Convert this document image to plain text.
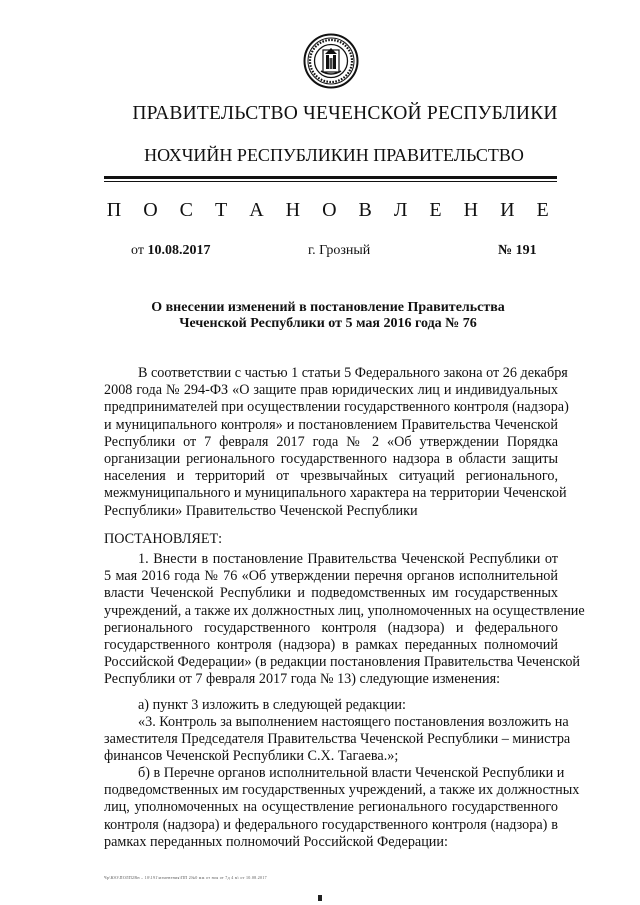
ПРАВИТЕЛЬСТВО ЧЕЧЕНСКОЙ РЕСПУБЛИКИ
НОХЧИЙН РЕСПУБЛИКИН ПРАВИТЕЛЬСТВО
П О С Т А Н О В Л Е Н И Е
от 10.08.2017	г. Грозный	№ 191
О внесении изменений в постановление Правительства
Чеченской Республики от 5 мая 2016 года № 76
В соответствии с частью 1 статьи 5 Федерального закона от 26 декабря
2008 года № 294-ФЗ «О защите прав юридических лиц и индивидуальных
предпринимателей при осуществлении государственного контроля (надзора)
и муниципального контроля» и постановлением Правительства Чеченской
Республики от 7 февраля 2017 года № 2 «Об утверждении Порядка
организации регионального государственного надзора в области защиты
населения и территорий от чрезвычайных ситуаций регионального,
межмуниципального и муниципального характера на территории Чеченской
Республики» Правительство Чеченской Республики
ПОСТАНОВЛЯЕТ:
1. Внести в постановление Правительства Чеченской Республики от
5 мая 2016 года № 76 «Об утверждении перечня органов исполнительной
власти Чеченской Республики и подведомственных им государственных
учреждений, а также их должностных лиц, уполномоченных на осуществление
регионального государственного контроля (надзора) и федерального
государственного контроля (надзора) в рамках переданных полномочий
Российской Федерации» (в редакции постановления Правительства Чеченской
Республики от 7 февраля 2017 года № 13) следующие изменения:
а) пункт 3 изложить в следующей редакции:
«3. Контроль за выполнением настоящего постановления возложить на
заместителя Председателя Правительства Чеченской Республики – министра
финансов Чеченской Республики С.Х. Тагаева.»;
б) в Перечне органов исполнительной власти Чеченской Республики и
подведомственных им государственных учреждений, а также их должностных
лиц, уполномоченных на осуществление регионального государственного
контроля (надзора) и федерального государственного контроля (надзора) в
рамках переданных полномочий Российской Федерации:
Чр\ЮО\ПОЛП2Вн – 10\191\изменения\ПП 2№0 мж от ноя от 7д 4 м\ от 10.08.2017
